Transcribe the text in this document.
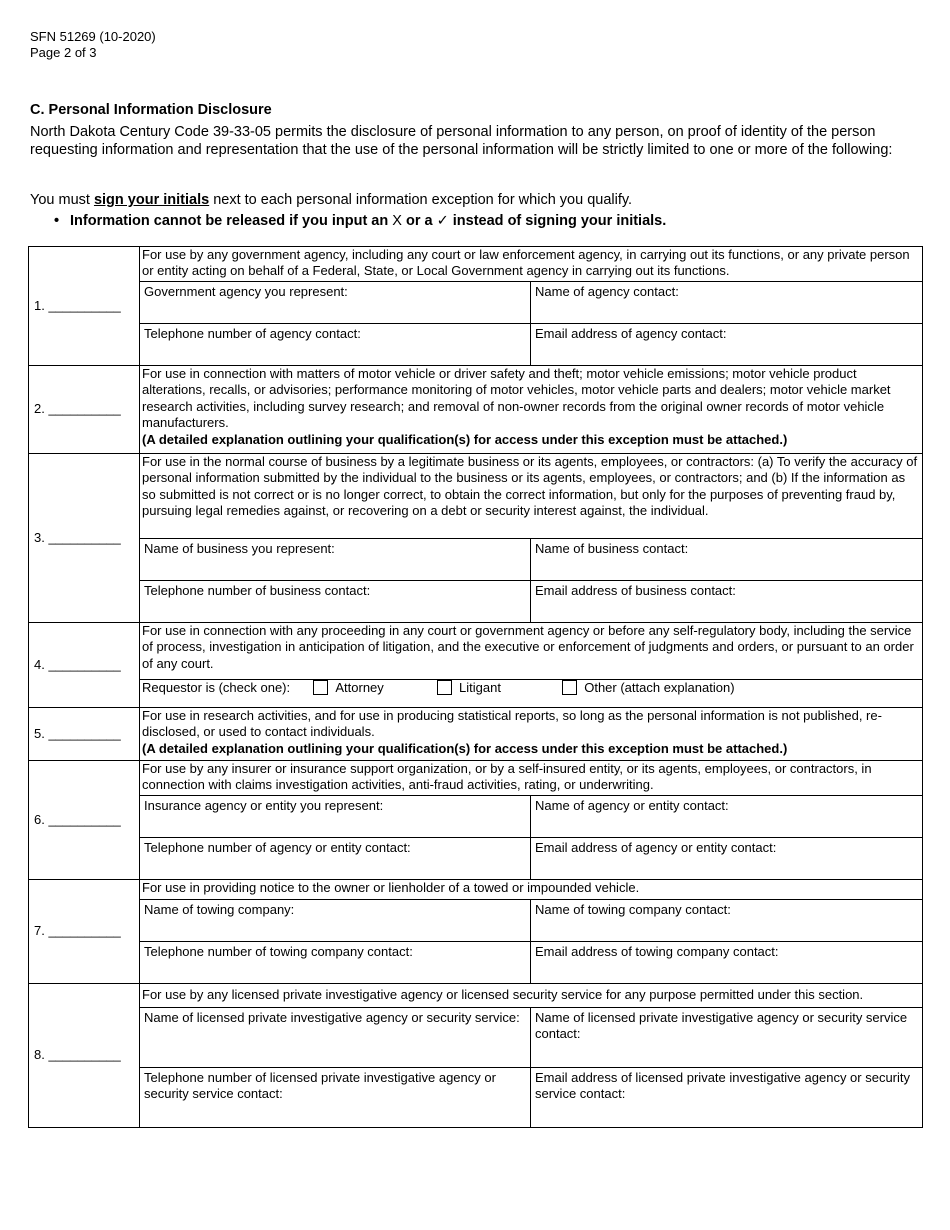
SFN 51269 (10-2020)
Page 2 of 3
C. Personal Information Disclosure
North Dakota Century Code 39-33-05 permits the disclosure of personal information to any person, on proof of identity of the person requesting information and representation that the use of the personal information will be strictly limited to one or more of the following:
You must sign your initials next to each personal information exception for which you qualify.
• Information cannot be released if you input an X or a ✓ instead of signing your initials.
1. __________	For use by any government agency, including any court or law enforcement agency, in carrying out its functions, or any private person or entity acting on behalf of a Federal, State, or Local Government agency in carrying out its functions.	
	Government agency you represent:	Name of agency contact:
	Telephone number of agency contact:	Email address of agency contact:
2. __________	For use in connection with matters of motor vehicle or driver safety and theft; motor vehicle emissions; motor vehicle product alterations, recalls, or advisories; performance monitoring of motor vehicles, motor vehicle parts and dealers; motor vehicle market research activities, including survey research; and removal of non-owner records from the original owner records of motor vehicle manufacturers.
(A detailed explanation outlining your qualification(s) for access under this exception must be attached.)	
3. __________	For use in the normal course of business by a legitimate business or its agents, employees, or contractors: (a) To verify the accuracy of personal information submitted by the individual to the business or its agents, employees, or contractors; and (b) If the information as so submitted is not correct or is no longer correct, to obtain the correct information, but only for the purposes of preventing fraud by, pursuing legal remedies against, or recovering on a debt or security interest against, the individual.	
	Name of business you represent:	Name of business contact:
	Telephone number of business contact:	Email address of business contact:
4. __________	For use in connection with any proceeding in any court or government agency or before any self-regulatory body, including the service of process, investigation in anticipation of litigation, and the executive or enforcement of judgments and orders, or pursuant to an order of any court.	
	Requestor is (check one): Attorney Litigant Other (attach explanation)	
5. __________	For use in research activities, and for use in producing statistical reports, so long as the personal information is not published, re-disclosed, or used to contact individuals.
(A detailed explanation outlining your qualification(s) for access under this exception must be attached.)	
6. __________	For use by any insurer or insurance support organization, or by a self-insured entity, or its agents, employees, or contractors, in connection with claims investigation activities, anti-fraud activities, rating, or underwriting.	
	Insurance agency or entity you represent:	Name of agency or entity contact:
	Telephone number of agency or entity contact:	Email address of agency or entity contact:
7. __________	For use in providing notice to the owner or lienholder of a towed or impounded vehicle.	
	Name of towing company:	Name of towing company contact:
	Telephone number of towing company contact:	Email address of towing company contact:
8. __________	For use by any licensed private investigative agency or licensed security service for any purpose permitted under this section.	
	Name of licensed private investigative agency or security service:	Name of licensed private investigative agency or security service contact:
	Telephone number of licensed private investigative agency or security service contact:	Email address of licensed private investigative agency or security service contact:
